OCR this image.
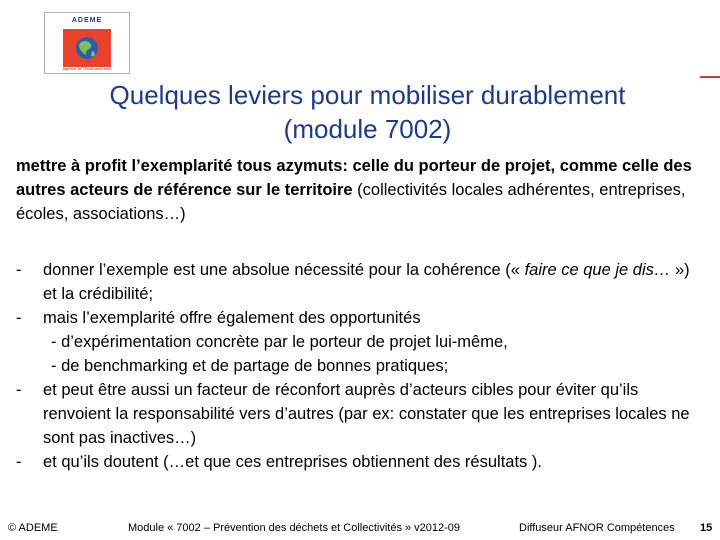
ADEME
Agence de l'Environnement
Quelques leviers pour mobiliser durablement
(module 7002)
mettre à profit l’exemplarité tous azymuts: celle du porteur de projet, comme celle des autres acteurs de référence sur le territoire (collectivités locales adhérentes, entreprises, écoles, associations…)
- donner l’exemple est une absolue nécessité pour la cohérence (« faire ce que je dis… ») et la crédibilité;
- mais l’exemplarité offre également des opportunités
- d’expérimentation concrète par le porteur de projet lui-même,
- de benchmarking et de partage de bonnes pratiques;
- et peut être aussi un facteur de réconfort auprès d’acteurs cibles pour éviter qu’ils renvoient la responsabilité vers d’autres (par ex: constater que les entreprises locales ne sont pas inactives…)
- et qu’ils doutent (…et que ces entreprises obtiennent des résultats ).
© ADEME	Module « 7002 – Prévention des déchets et Collectivités » v2012-09	Diffuseur AFNOR Compétences 15
